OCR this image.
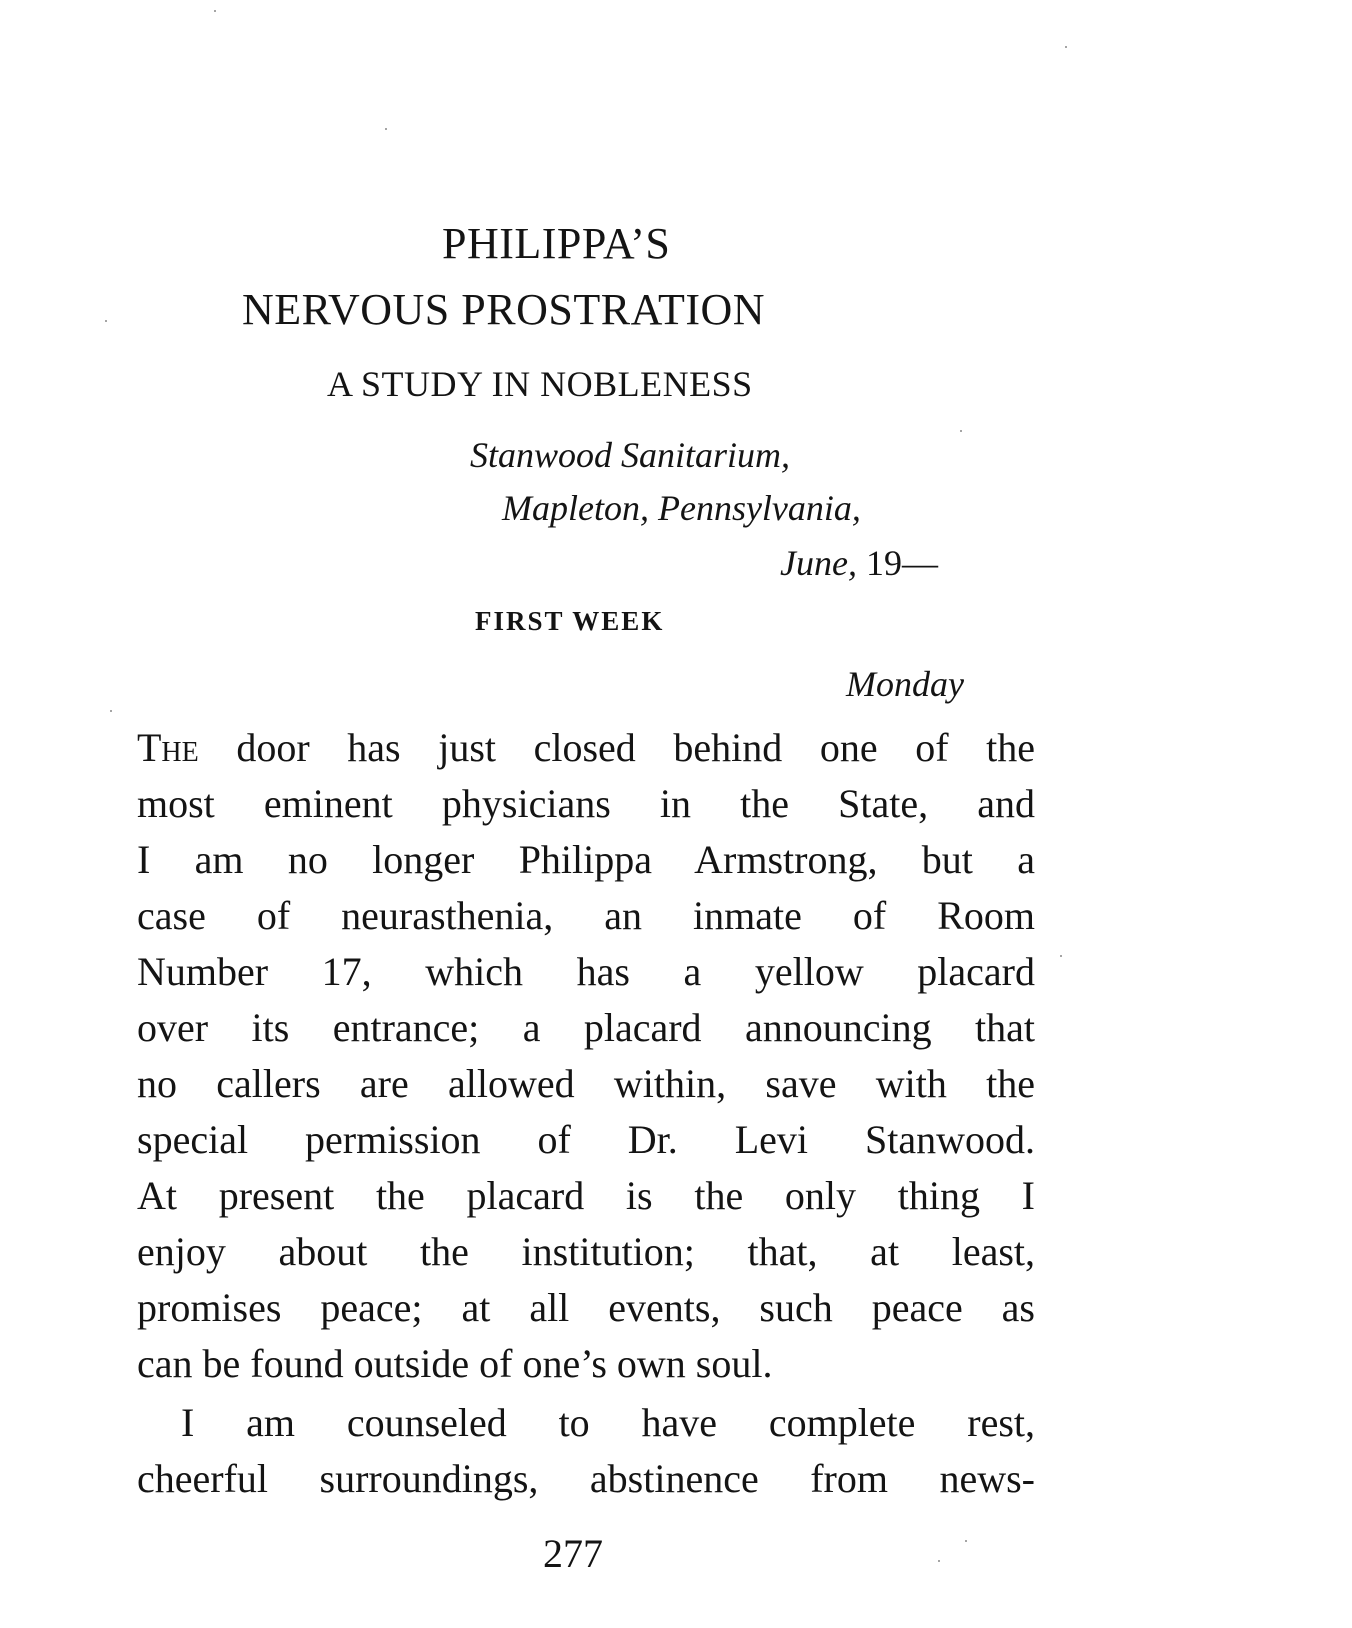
PHILIPPA’S
NERVOUS PROSTRATION
A STUDY IN NOBLENESS
Stanwood Sanitarium,
Mapleton, Pennsylvania,
June, 19—
FIRST WEEK
Monday
The door has just closed behind one of the
most eminent physicians in the State, and
I am no longer Philippa Armstrong, but a
case of neurasthenia, an inmate of Room
Number 17, which has a yellow placard
over its entrance; a placard announcing that
no callers are allowed within, save with the
special permission of Dr. Levi Stanwood.
At present the placard is the only thing I
enjoy about the institution; that, at least,
promises peace; at all events, such peace as
can be found outside of one’s own soul.
I am counseled to have complete rest,
cheerful surroundings, abstinence from news-
277
